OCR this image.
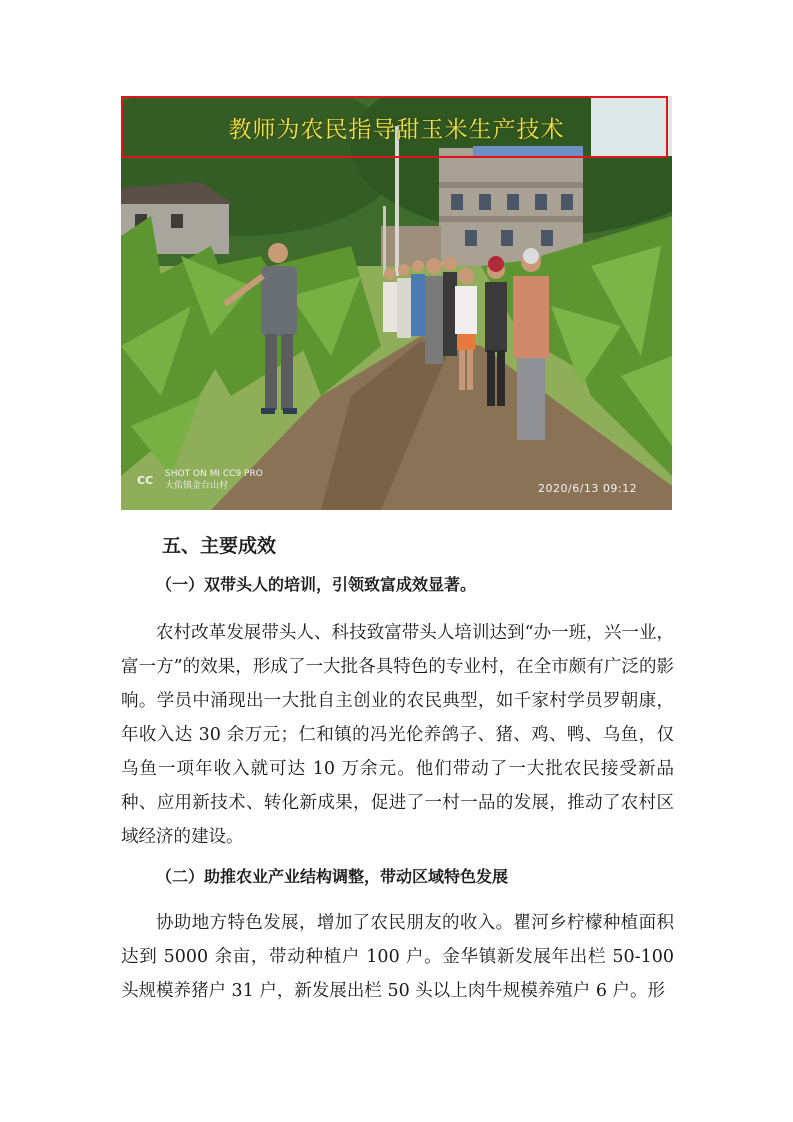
教师为农民指导甜玉米生产技术
CC SHOT ON MI CC9 PRO
大佑镇金台山村	2020/6/13 09:12
五、主要成效
（一）双带头人的培训，引领致富成效显著。

农村改革发展带头人、科技致富带头人培训达到“办一班，兴一业，富一方”的效果，形成了一大批各具特色的专业村，在全市颇有广泛的影响。学员中涌现出一大批自主创业的农民典型，如千家村学员罗朝康，年收入达 30 余万元；仁和镇的冯光伦养鸽子、猪、鸡、鸭、乌鱼，仅乌鱼一项年收入就可达 10 万余元。他们带动了一大批农民接受新品种、应用新技术、转化新成果，促进了一村一品的发展，推动了农村区域经济的建设。

（二）助推农业产业结构调整，带动区域特色发展

协助地方特色发展，增加了农民朋友的收入。瞿河乡柠檬种植面积达到 5000 余亩，带动种植户 100 户。金华镇新发展年出栏 50-100 头规模养猪户 31 户，新发展出栏 50 头以上肉牛规模养殖户 6 户。形
